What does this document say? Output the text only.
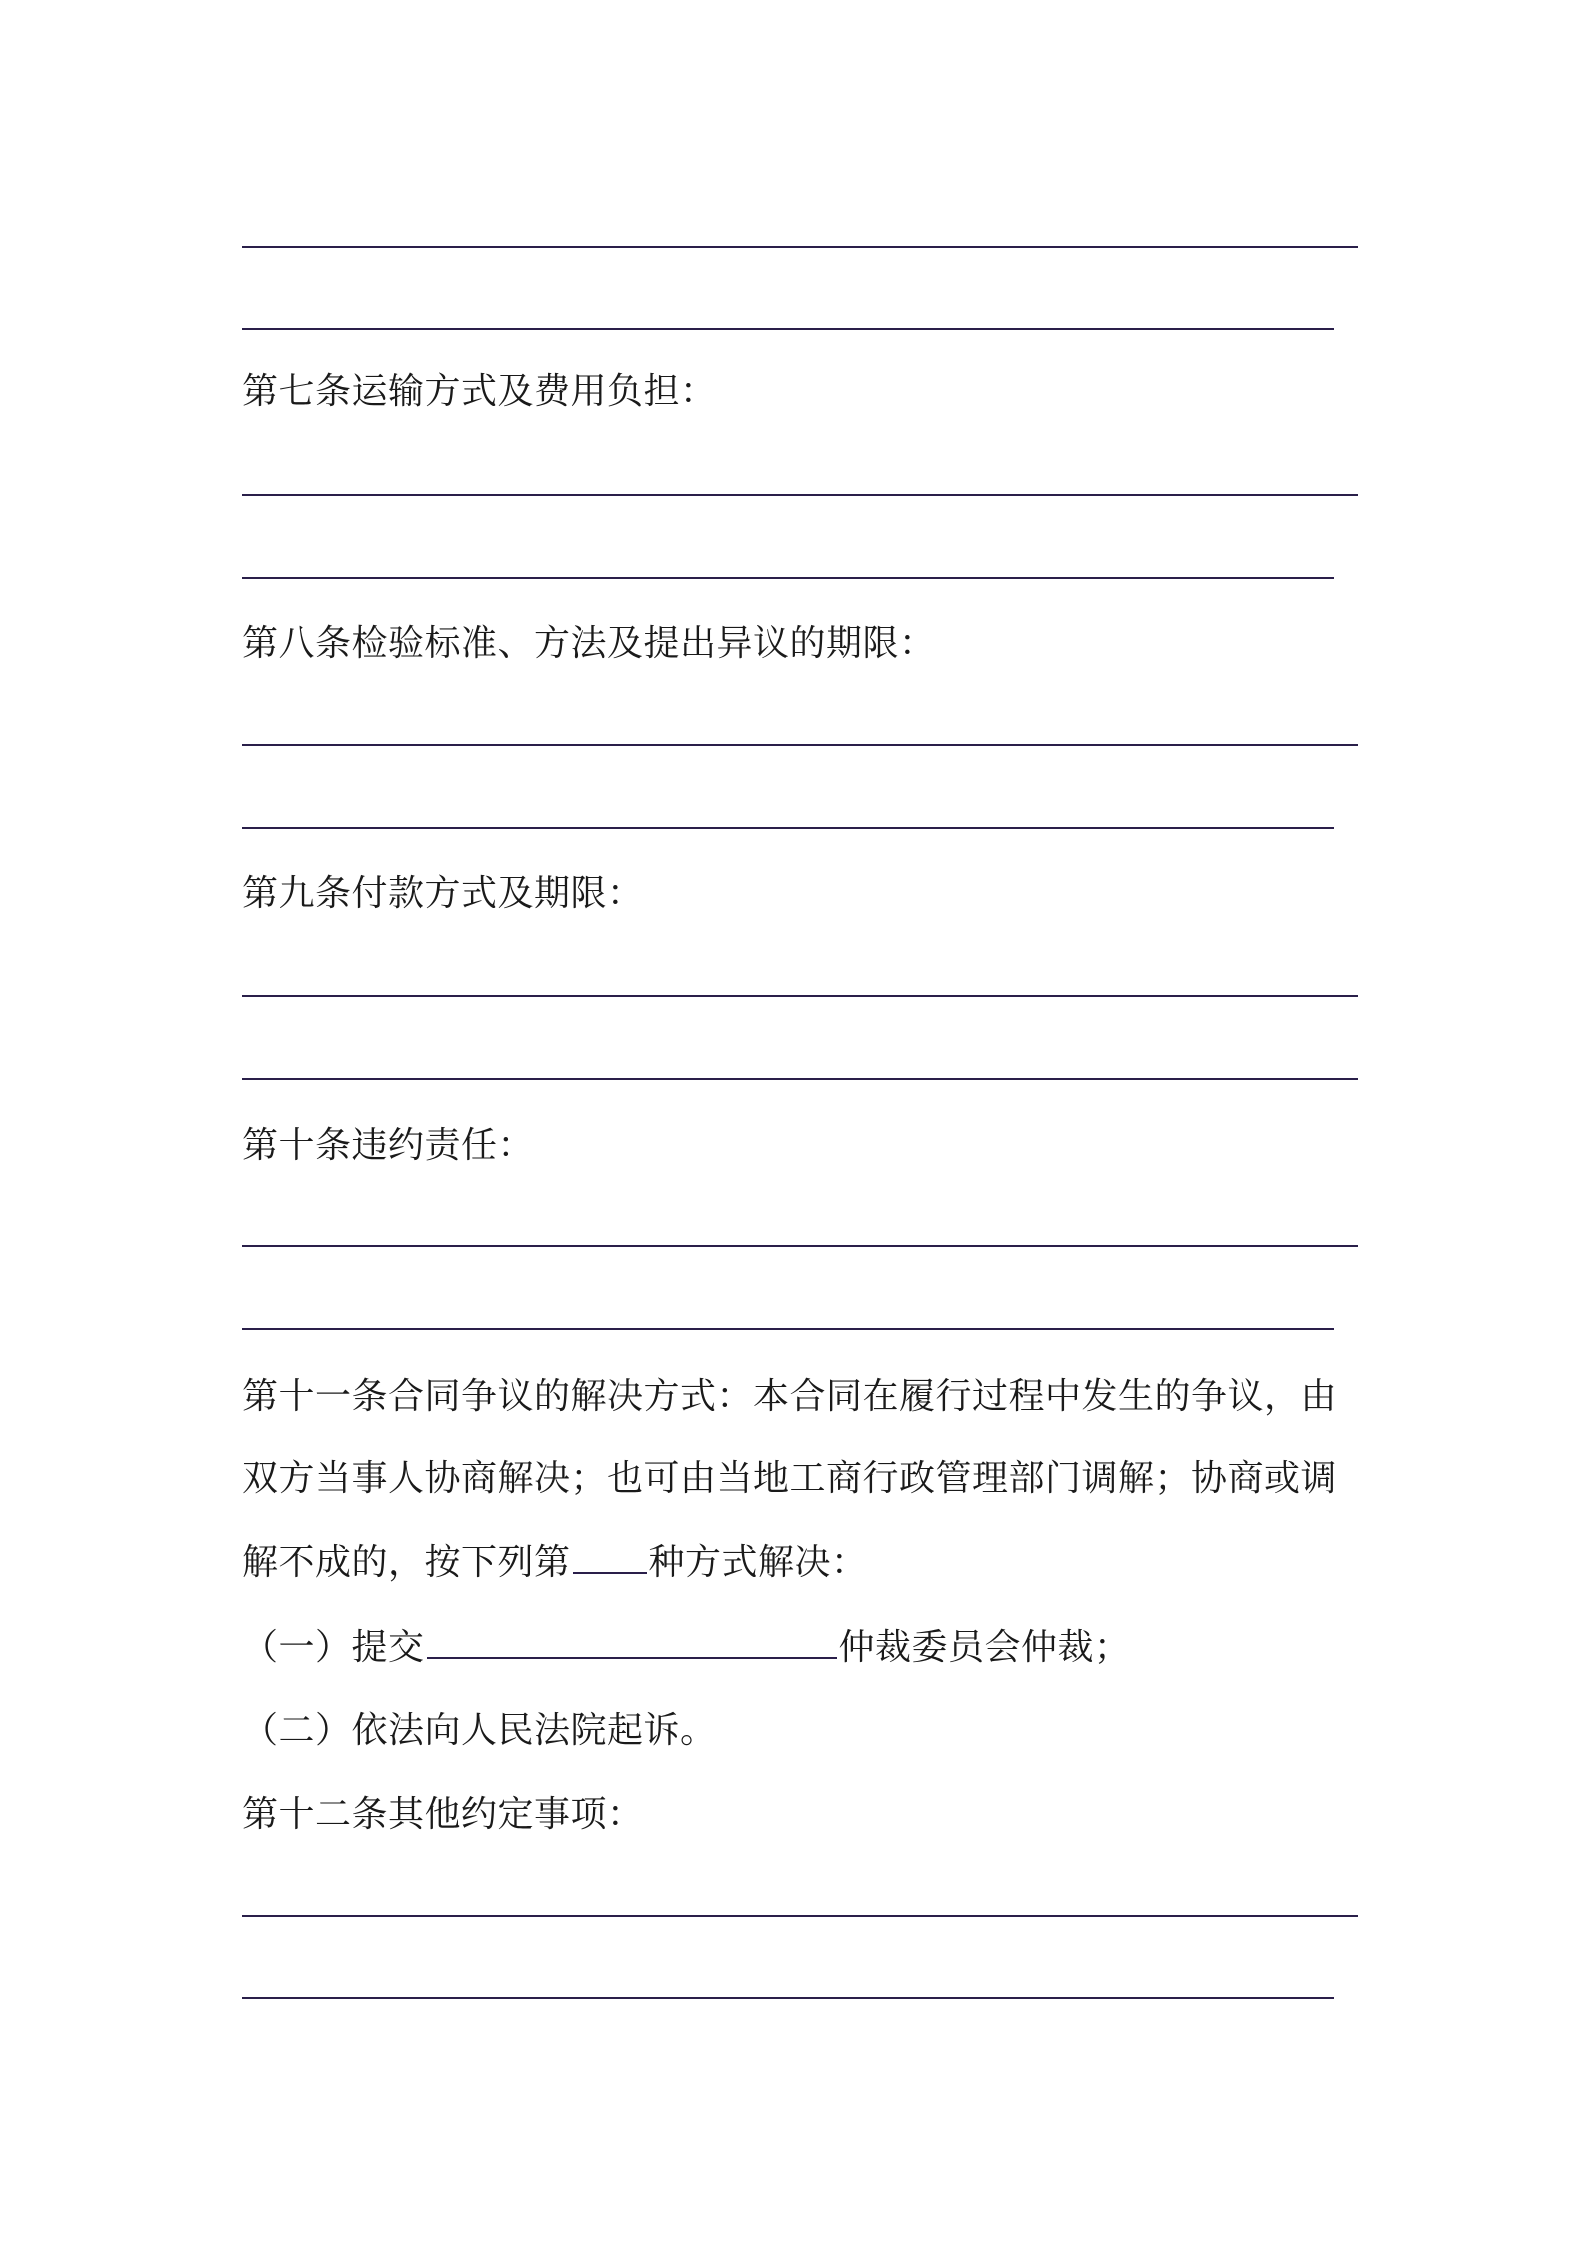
第七条运输方式及费用负担：
第八条检验标准、方法及提出异议的期限：
第九条付款方式及期限：
第十条违约责任：
第十一条合同争议的解决方式：本合同在履行过程中发生的争议，由
双方当事人协商解决；也可由当地工商行政管理部门调解；协商或调
解不成的，按下列第 种方式解决：
（一）提交	仲裁委员会仲裁；
（二）依法向人民法院起诉。
第十二条其他约定事项：
